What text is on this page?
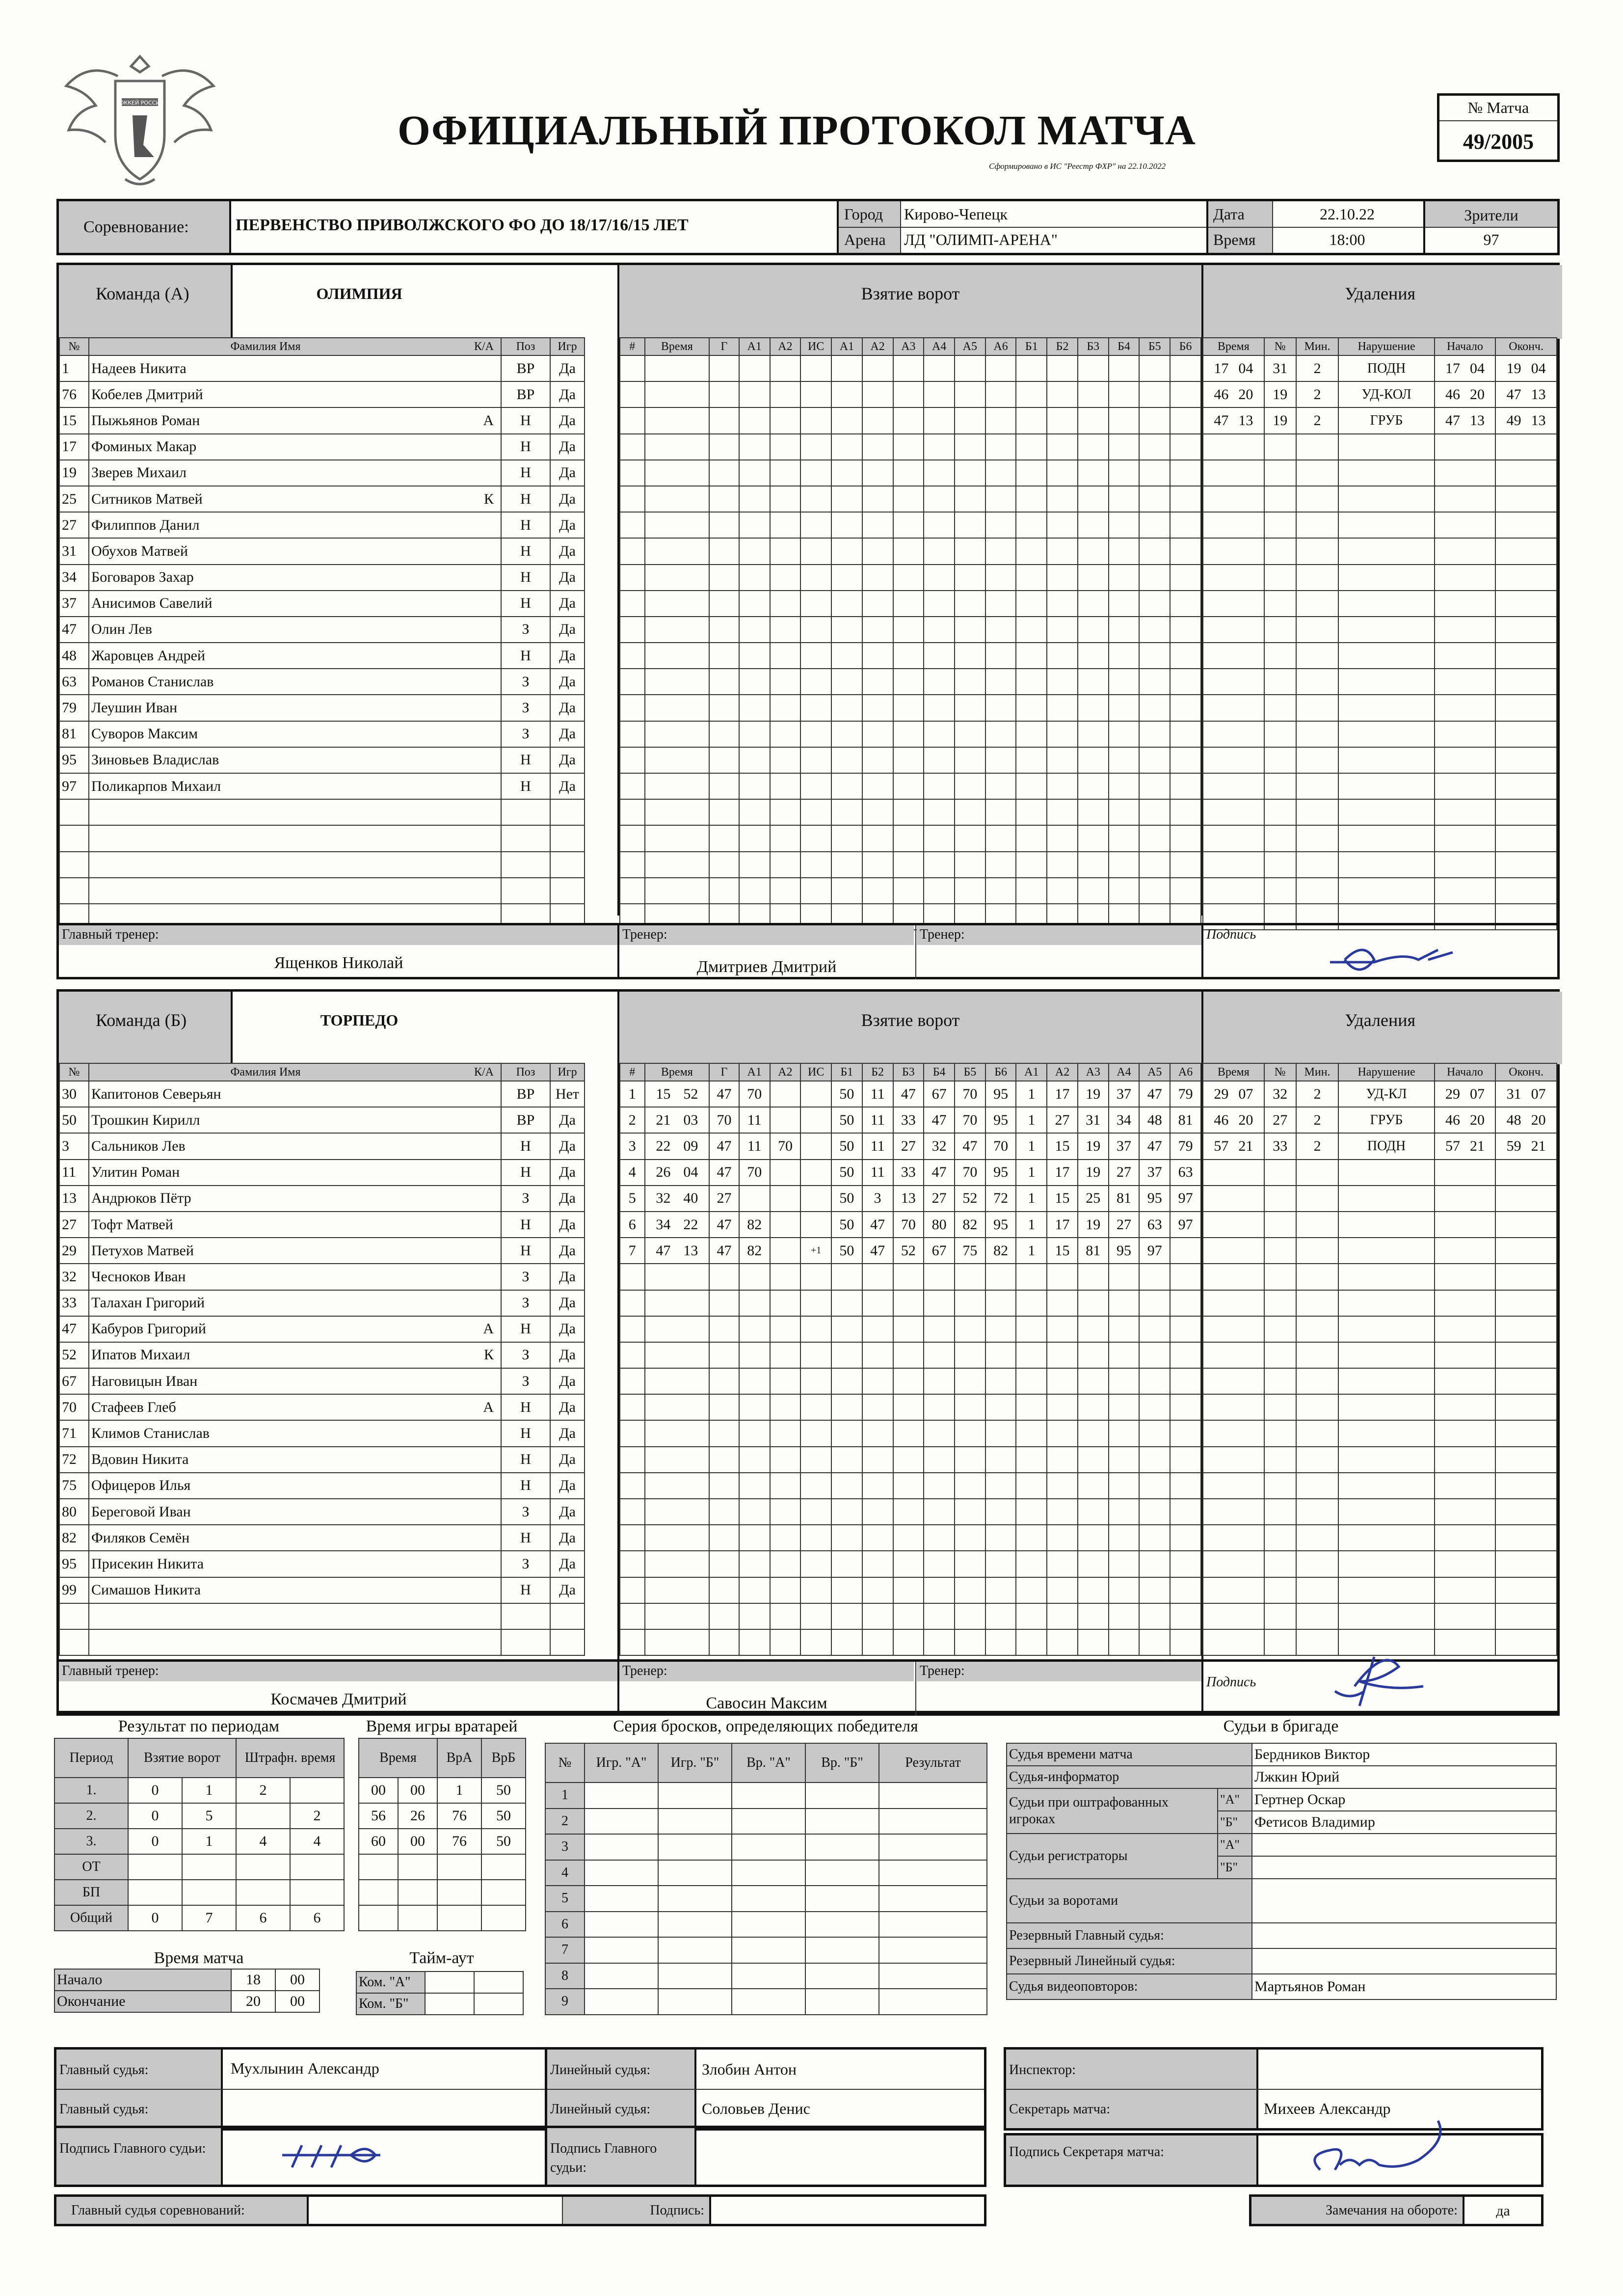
ХОККЕЙ РОССИИ
ОФИЦИАЛЬНЫЙ ПРОТОКОЛ МАТЧА
Сформировано в ИС "Реестр ФХР" на 22.10.2022
№ Матча
49/2005
Соревнование:	ПЕРВЕНСТВО ПРИВОЛЖСКОГО ФО ДО 18/17/16/15 ЛЕТ
Город Кирово-Чепецк
Арена ЛД "ОЛИМП-АРЕНА"
Дата	22.10.22
Время	18:00
Зрители
97
Команда (А)	ОЛИМПИЯ	Взятие ворот	Удаления
№	Фамилия Имя К/А	Поз	Игр
1	Надеев Никита	ВР	Да
76	Кобелев Дмитрий	ВР	Да
15	Пыжьянов Роман А	Н	Да
17	Фоминых Макар	Н	Да
19	Зверев Михаил	Н	Да
25	Ситников Матвей К	Н	Да
27	Филиппов Данил	Н	Да
31	Обухов Матвей	Н	Да
34	Боговаров Захар	Н	Да
37	Анисимов Савелий	Н	Да
47	Олин Лев	З	Да
48	Жаровцев Андрей	Н	Да
63	Романов Станислав	З	Да
79	Леушин Иван	З	Да
81	Суворов Максим	З	Да
95	Зиновьев Владислав	Н	Да
97	Поликарпов Михаил	Н	Да

#	Время	Г	А1	А2	ИС	А1	А2	А3	А4	А5	А6	Б1	Б2	Б3	Б4	Б5	Б6

																	Время	№	Мин.	Нарушение	Начало	Оконч.
17 04	31	2	ПОДН	17 04	19 04
46 20	19	2	УД-КОЛ	46 20	47 13
47 13	19	2	ГРУБ	47 13	49 13

Главный тренер:
Ященков Николай
Тренер:
Дмитриев Дмитрий
Тренер:	Подпись
Команда (Б)	ТОРПЕДО	Взятие ворот	Удаления
№	Фамилия Имя К/А	Поз	Игр
30	Капитонов Северьян	ВР	Нет
50	Трошкин Кирилл	ВР	Да
3	Сальников Лев	Н	Да
11	Улитин Роман	Н	Да
13	Андрюков Пётр	З	Да
27	Тофт Матвей	Н	Да
29	Петухов Матвей	Н	Да
32	Чесноков Иван	З	Да
33	Талахан Григорий	З	Да
47	Кабуров Григорий А	Н	Да
52	Ипатов Михаил К	З	Да
67	Наговицын Иван	З	Да
70	Стафеев Глеб А	Н	Да
71	Климов Станислав	Н	Да
72	Вдовин Никита	Н	Да
75	Офицеров Илья	Н	Да
80	Береговой Иван	З	Да
82	Филяков Семён	Н	Да
95	Присекин Никита	З	Да
99	Симашов Никита	Н	Да

#	Время	Г	А1	А2	ИС	Б1	Б2	Б3	Б4	Б5	Б6	А1	А2	А3	А4	А5	А6
1	15 52	47	70			50	11	47	67	70	95	1	17	19	37	47	79
2	21 03	70	11			50	11	33	47	70	95	1	27	31	34	48	81
3	22 09	47	11	70		50	11	27	32	47	70	1	15	19	37	47	79
4	26 04	47	70			50	11	33	47	70	95	1	17	19	27	37	63
5	32 40	27				50	3	13	27	52	72	1	15	25	81	95	97
6	34 22	47	82			50	47	70	80	82	95	1	17	19	27	63	97
7	47 13	47	82		+1	50	47	52	67	75	82	1	15	81	95	97	

Время	№	Мин.	Нарушение	Начало	Оконч.
29 07	32	2	УД-КЛ	29 07	31 07
46 20	27	2	ГРУБ	46 20	48 20
57 21	33	2	ПОДН	57 21	59 21

Главный тренер:
Космачев Дмитрий
Тренер:
Савосин Максим
Тренер:
Подпись
Результат по периодам
Период	Взятие ворот		Штрафн. время	
1.	0	1	2	
2.	0	5		2
3.	0	1	4	4
ОТ				
БП				
Общий	0	7	6	6
Время игры вратарей
Время		ВрА	ВрБ
00	00	1	50
56	26	76	50
60	00	76	50

Время матча
Начало	18	00
Окончание	20	00
Тайм-аут
Ком. "А"		
Ком. "Б"		
Серия бросков, определяющих победителя
№	Игр. "А"	Игр. "Б"	Вр. "А"	Вр. "Б"	Результат
1					
2					
3					
4					
5					
6					
7					
8					
9					
Судьи в бригаде
Судья времени матча		Бердников Виктор
Судья-информатор		Лжкин Юрий
Судьи при оштрафованных игроках	"А"	Гертнер Оскар
	"Б"	Фетисов Владимир
Судьи регистраторы	"А"	
	"Б"	
Судьи за воротами		
Резервный Главный судья:		
Резервный Линейный судья:		
Судья видеоповторов:		Мартьянов Роман
Главный судья:	Мухлынин Александр
Главный судья:
Линейный судья:	Злобин Антон
Линейный судья:	Соловьев Денис
Инспектор:
Секретарь матча:	Михеев Александр
Подпись Главного судьи:	Подпись Главного судьи:
Подпись Секретаря матча:
Главный судья соревнований:	Подпись:	Замечания на обороте:	да
